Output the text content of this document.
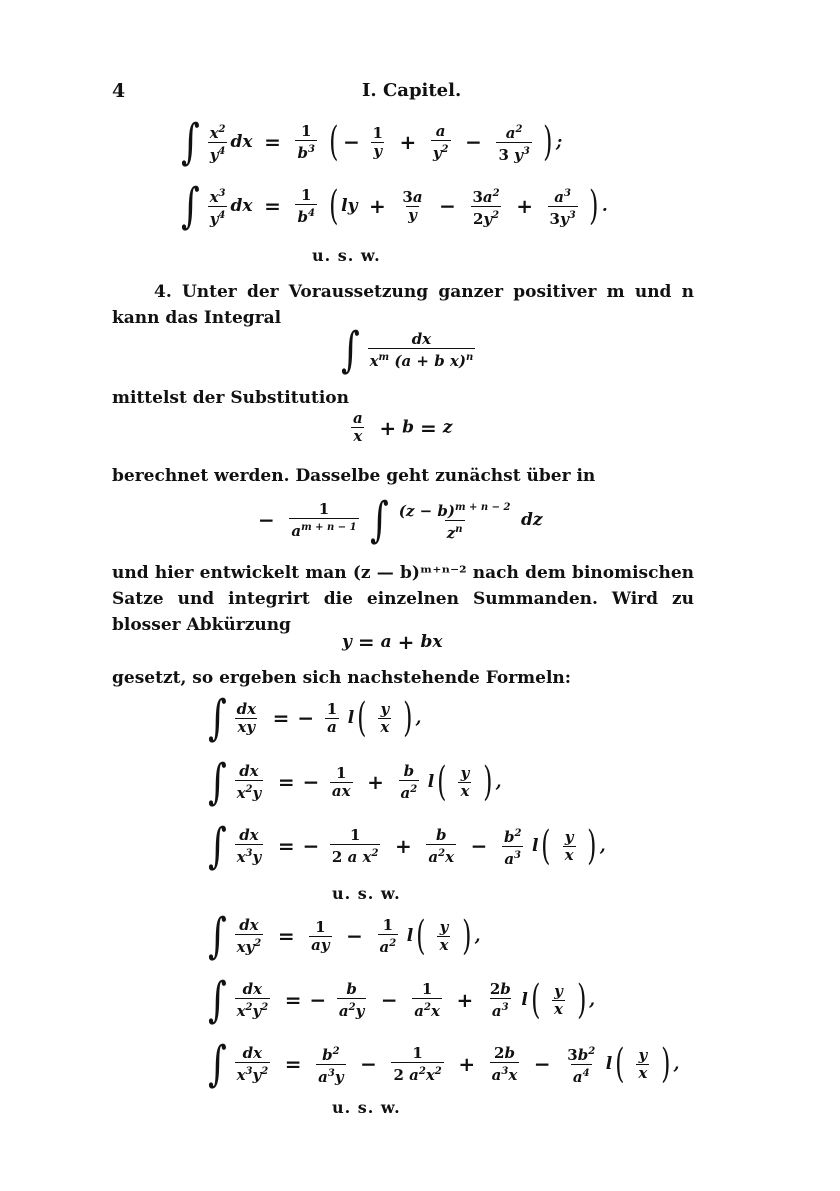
4	I. Capitel.
∫ $\frac{x^2}{y^4}$ dx = $\frac{1}{b^3}$ ( − $\frac{1}{y} + \frac{a}{y^2} - \frac{a^2}{3 y^3}$ ) ;
∫ $\frac{x^3}{y^4}$ dx = $\frac{1}{b^4}$ ( ly + $\frac{3a}{y} - \frac{3a^2}{2y^2} + \frac{a^3}{3y^3}$ ) .
u. s. w.
4. Unter der Voraussetzung ganzer positiver m und n kann das Integral
∫ $\frac{dx}{x^m (a + b x)^n}$
mittelst der Substitution
$\frac{a}{x} + b = z$
berechnet werden. Dasselbe geht zunächst über in
− $\frac{1}{a^{m + n - 1}}$ ∫ $\frac{(z - b)^{m + n - 2}}{z^n}$ dz
und hier entwickelt man (z — b)ᵐ⁺ⁿ⁻² nach dem binomischen Satze und integrirt die einzelnen Summanden. Wird zu blosser Abkürzung
y = a + bx
gesetzt, so ergeben sich nachstehende Formeln:
∫ $\frac{dx}{xy}$ = − $\frac{1}{a} l( \frac{y}{x}$ ) ,
∫ $\frac{dx}{x^2y}$ = − $\frac{1}{ax} + \frac{b}{a^2} l( \frac{y}{x}$ ) ,
∫ $\frac{dx}{x^3y}$ = − $\frac{1}{2 a x^2} + \frac{b}{a^2x} - \frac{b^2}{a^3} l( \frac{y}{x}$ ) ,
u. s. w.
∫ $\frac{dx}{xy^2} = \frac{1}{ay} - \frac{1}{a^2} l( \frac{y}{x}$ ) ,
∫ $\frac{dx}{x^2y^2}$ = − $\frac{b}{a^2y} - \frac{1}{a^2x} + \frac{2b}{a^3} l( \frac{y}{x}$ ) ,
∫ $\frac{dx}{x^3y^2} = \frac{b^2}{a^3y} - \frac{1}{2 a^2x^2} + \frac{2b}{a^3x} - \frac{3b^2}{a^4} l( \frac{y}{x}$ ) ,
u. s. w.
